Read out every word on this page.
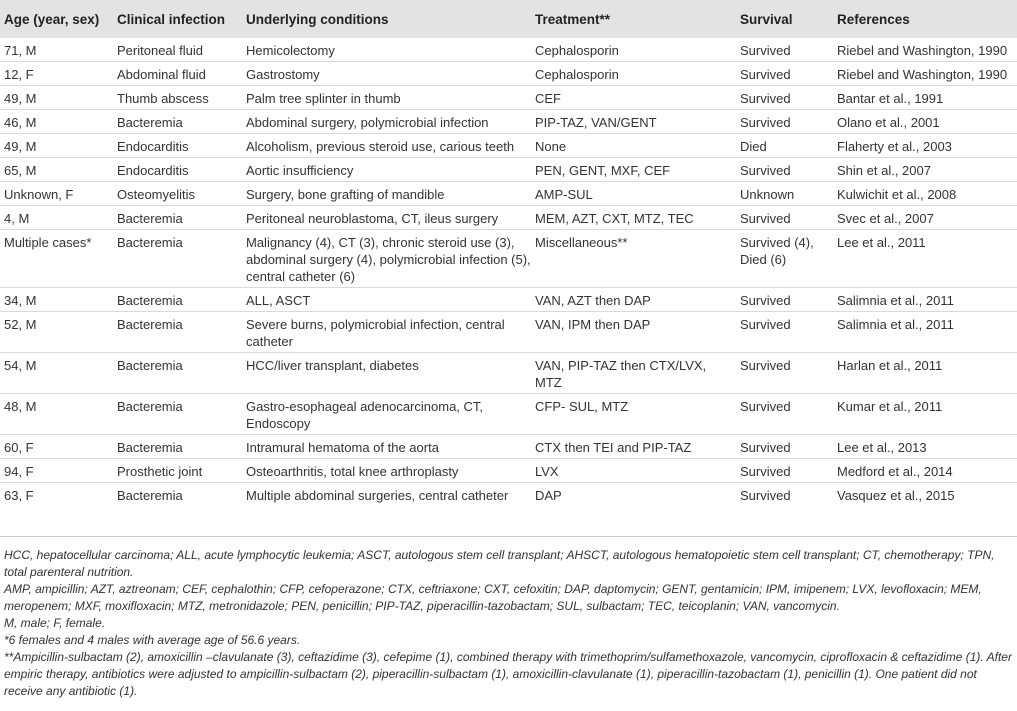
Age (year, sex)	Clinical infection	Underlying conditions	Treatment**	Survival	References
71, M	Peritoneal fluid	Hemicolectomy	Cephalosporin	Survived	Riebel and Washington, 1990
12, F	Abdominal fluid	Gastrostomy	Cephalosporin	Survived	Riebel and Washington, 1990
49, M	Thumb abscess	Palm tree splinter in thumb	CEF	Survived	Bantar et al., 1991
46, M	Bacteremia	Abdominal surgery, polymicrobial infection	PIP-TAZ, VAN/GENT	Survived	Olano et al., 2001
49, M	Endocarditis	Alcoholism, previous steroid use, carious teeth	None	Died	Flaherty et al., 2003
65, M	Endocarditis	Aortic insufficiency	PEN, GENT, MXF, CEF	Survived	Shin et al., 2007
Unknown, F	Osteomyelitis	Surgery, bone grafting of mandible	AMP-SUL	Unknown	Kulwichit et al., 2008
4, M	Bacteremia	Peritoneal neuroblastoma, CT, ileus surgery	MEM, AZT, CXT, MTZ, TEC	Survived	Svec et al., 2007
Multiple cases*	Bacteremia	Malignancy (4), CT (3), chronic steroid use (3), abdominal surgery (4), polymicrobial infection (5), central catheter (6)	Miscellaneous**	Survived (4), Died (6)	Lee et al., 2011
34, M	Bacteremia	ALL, ASCT	VAN, AZT then DAP	Survived	Salimnia et al., 2011
52, M	Bacteremia	Severe burns, polymicrobial infection, central catheter	VAN, IPM then DAP	Survived	Salimnia et al., 2011
54, M	Bacteremia	HCC/liver transplant, diabetes	VAN, PIP-TAZ then CTX/LVX, MTZ	Survived	Harlan et al., 2011
48, M	Bacteremia	Gastro-esophageal adenocarcinoma, CT, Endoscopy	CFP- SUL, MTZ	Survived	Kumar et al., 2011
60, F	Bacteremia	Intramural hematoma of the aorta	CTX then TEI and PIP-TAZ	Survived	Lee et al., 2013
94, F	Prosthetic joint	Osteoarthritis, total knee arthroplasty	LVX	Survived	Medford et al., 2014
63, F	Bacteremia	Multiple abdominal surgeries, central catheter	DAP	Survived	Vasquez et al., 2015

HCC, hepatocellular carcinoma; ALL, acute lymphocytic leukemia; ASCT, autologous stem cell transplant; AHSCT, autologous hematopoietic stem cell transplant; CT, chemotherapy; TPN, total parenteral nutrition.

AMP, ampicillin; AZT, aztreonam; CEF, cephalothin; CFP, cefoperazone; CTX, ceftriaxone; CXT, cefoxitin; DAP, daptomycin; GENT, gentamicin; IPM, imipenem; LVX, levofloxacin; MEM, meropenem; MXF, moxifloxacin; MTZ, metronidazole; PEN, penicillin; PIP-TAZ, piperacillin-tazobactam; SUL, sulbactam; TEC, teicoplanin; VAN, vancomycin.

M, male; F, female.

*6 females and 4 males with average age of 56.6 years.

**Ampicillin-sulbactam (2), amoxicillin –clavulanate (3), ceftazidime (3), cefepime (1), combined therapy with trimethoprim/sulfamethoxazole, vancomycin, ciprofloxacin & ceftazidime (1). After empiric therapy, antibiotics were adjusted to ampicillin-sulbactam (2), piperacillin-sulbactam (1), amoxicillin-clavulanate (1), piperacillin-tazobactam (1), penicillin (1). One patient did not receive any antibiotic (1).
